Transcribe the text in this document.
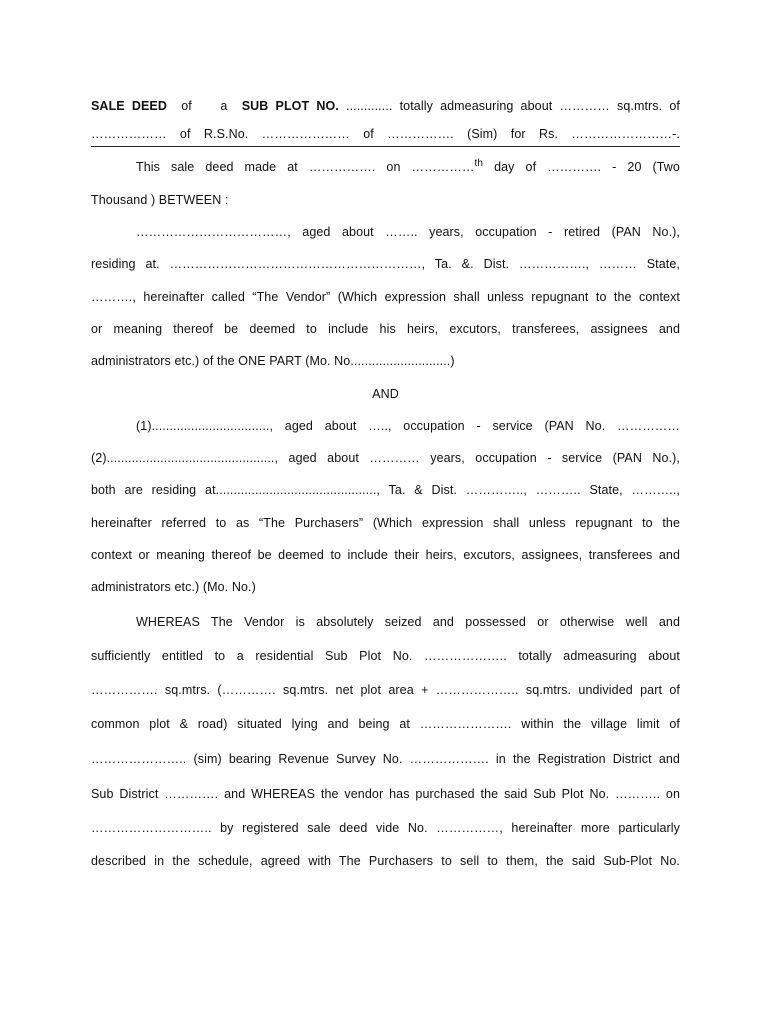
SALE DEED of a SUB PLOT NO. ............. totally admeasuring about ………… sq.mtrs. of
……………… of R.S.No. ………………… of ……………. (Sim) for Rs. ……………………-.
This sale deed made at ……………. on ……………$^{th}$ day of …………. - 20 (Two
Thousand ) BETWEEN :
………………………………, aged about …….. years, occupation - retired (PAN No.),
residing at. ……………………………………………………, Ta. &. Dist. ……………., ……… State,
………., hereinafter called “The Vendor” (Which expression shall unless repugnant to the context
or meaning thereof be deemed to include his heirs, excutors, transferees, assignees and
administrators etc.) of the ONE PART (Mo. No............................)
AND
(1)................................., aged about ….., occupation - service (PAN No. ……………
(2)..............................................., aged about ………… years, occupation - service (PAN No.),
both are residing at............................................., Ta. & Dist. ………….., ……….. State, ………..,
hereinafter referred to as “The Purchasers” (Which expression shall unless repugnant to the
context or meaning thereof be deemed to include their heirs, excutors, assignees, transferees and
administrators etc.) (Mo. No.)
WHEREAS The Vendor is absolutely seized and possessed or otherwise well and
sufficiently entitled to a residential Sub Plot No. ……………….. totally admeasuring about
……………. sq.mtrs. (…………. sq.mtrs. net plot area + ……………….. sq.mtrs. undivided part of
common plot & road) situated lying and being at …………………. within the village limit of
………………….. (sim) bearing Revenue Survey No. ………………. in the Registration District and
Sub District …………. and WHEREAS the vendor has purchased the said Sub Plot No. ……….. on
……………………….. by registered sale deed vide No. ……………, hereinafter more particularly
described in the schedule, agreed with The Purchasers to sell to them, the said Sub-Plot No.
